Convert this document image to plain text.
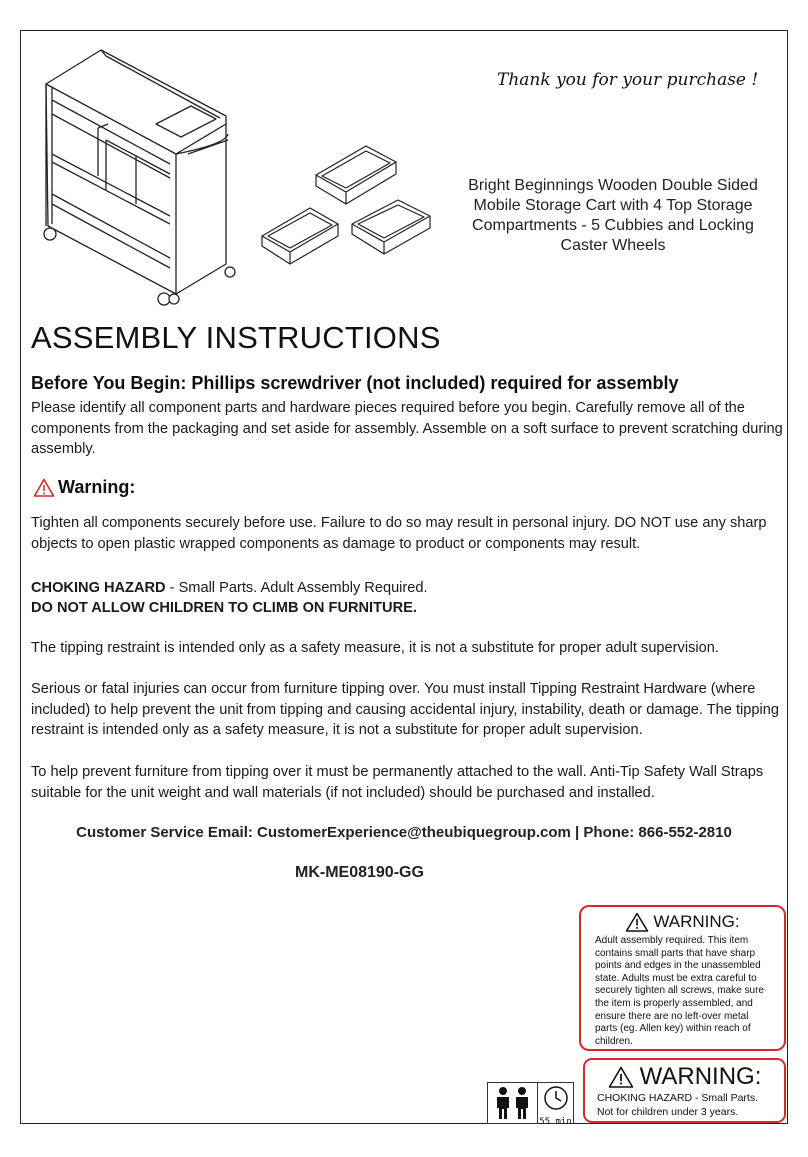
Thank you for your purchase !
Bright Beginnings Wooden Double Sided Mobile Storage Cart with 4 Top Storage Compartments - 5 Cubbies and Locking Caster Wheels
ASSEMBLY INSTRUCTIONS
Before You Begin: Phillips screwdriver (not included) required for assembly
Please identify all component parts and hardware pieces required before you begin. Carefully remove all of the components from the packaging and set aside for assembly. Assemble on a soft surface to prevent scratching during assembly.
Warning:
Tighten all components securely before use. Failure to do so may result in personal injury. DO NOT use any sharp objects to open plastic wrapped components as damage to product or components may result.
CHOKING HAZARD - Small Parts. Adult Assembly Required.
DO NOT ALLOW CHILDREN TO CLIMB ON FURNITURE.
The tipping restraint is intended only as a safety measure, it is not a substitute for proper adult supervision.
Serious or fatal injuries can occur from furniture tipping over. You must install Tipping Restraint Hardware (where included) to help prevent the unit from tipping and causing accidental injury, instability, death or damage. The tipping restraint is intended only as a safety measure, it is not a substitute for proper adult supervision.
To help prevent furniture from tipping over it must be permanently attached to the wall. Anti-Tip Safety Wall Straps suitable for the unit weight and wall materials (if not included) should be purchased and installed.
Customer Service Email: CustomerExperience@theubiquegroup.com | Phone: 866-552-2810
MK-ME08190-GG
WARNING:
Adult assembly required. This item contains small parts that have sharp points and edges in the unassembled state. Adults must be extra careful to securely tighten all screws, make sure the item is properly assembled, and ensure there are no left-over metal parts (eg. Allen key) within reach of children.
WARNING:
CHOKING HAZARD - Small Parts.
Not for children under 3 years.
55 min
